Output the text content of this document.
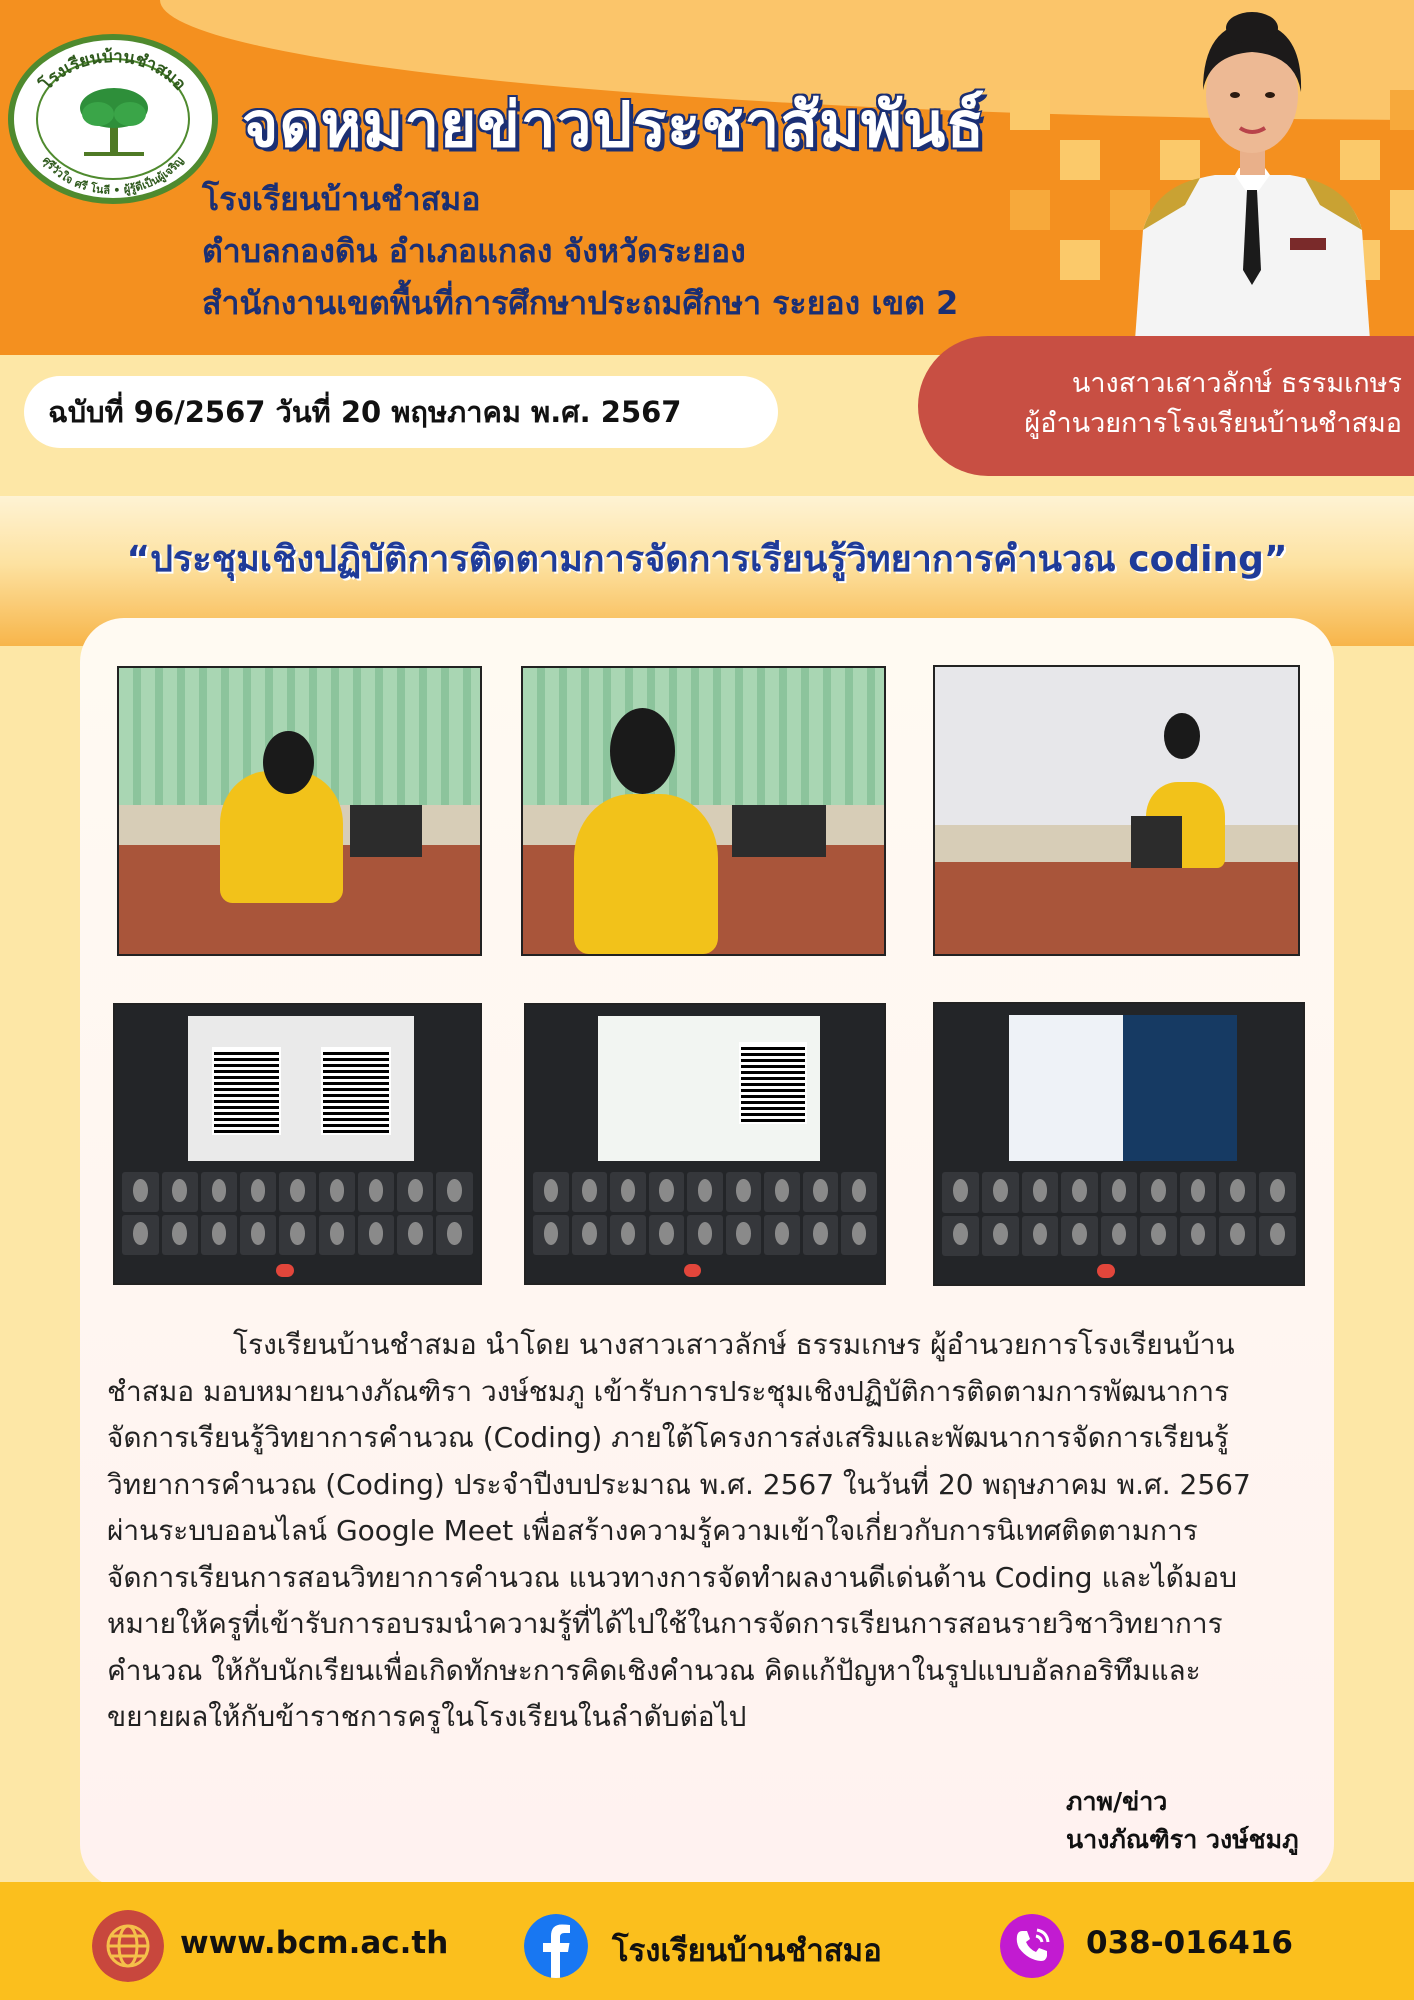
โรงเรียนบ้านชำสมอ
ศุรีวัวใจ ศรี โนลี • ผู้รู้ดีเป็นผู้เจริญ
จดหมายข่าวประชาสัมพันธ์
โรงเรียนบ้านชำสมอ
ตำบลกองดิน อำเภอแกลง จังหวัดระยอง
สำนักงานเขตพื้นที่การศึกษาประถมศึกษา ระยอง เขต 2
ฉบับที่ 96/2567 วันที่ 20 พฤษภาคม พ.ศ. 2567
นางสาวเสาวลักษ์ ธรรมเกษร
ผู้อำนวยการโรงเรียนบ้านชำสมอ
“ประชุมเชิงปฏิบัติการติดตามการจัดการเรียนรู้วิทยาการคำนวณ coding”
โรงเรียนบ้านชำสมอ นำโดย นางสาวเสาวลักษ์ ธรรมเกษร ผู้อำนวยการโรงเรียนบ้าน
ชำสมอ มอบหมายนางภัณฑิรา วงษ์ชมภู เข้ารับการประชุมเชิงปฏิบัติการติดตามการพัฒนาการ
จัดการเรียนรู้วิทยาการคำนวณ (Coding) ภายใต้โครงการส่งเสริมและพัฒนาการจัดการเรียนรู้
วิทยาการคำนวณ (Coding) ประจำปีงบประมาณ พ.ศ. 2567 ในวันที่ 20 พฤษภาคม พ.ศ. 2567
ผ่านระบบออนไลน์ Google Meet เพื่อสร้างความรู้ความเข้าใจเกี่ยวกับการนิเทศติดตามการ
จัดการเรียนการสอนวิทยาการคำนวณ แนวทางการจัดทำผลงานดีเด่นด้าน Coding และได้มอบ
หมายให้ครูที่เข้ารับการอบรมนำความรู้ที่ได้ไปใช้ในการจัดการเรียนการสอนรายวิชาวิทยาการ
คำนวณ ให้กับนักเรียนเพื่อเกิดทักษะการคิดเชิงคำนวณ คิดแก้ปัญหาในรูปแบบอัลกอริทึมและ
ขยายผลให้กับข้าราชการครูในโรงเรียนในลำดับต่อไป
ภาพ/ข่าว
นางภัณฑิรา วงษ์ชมภู
www.bcm.ac.th	โรงเรียนบ้านชำสมอ	038-016416
